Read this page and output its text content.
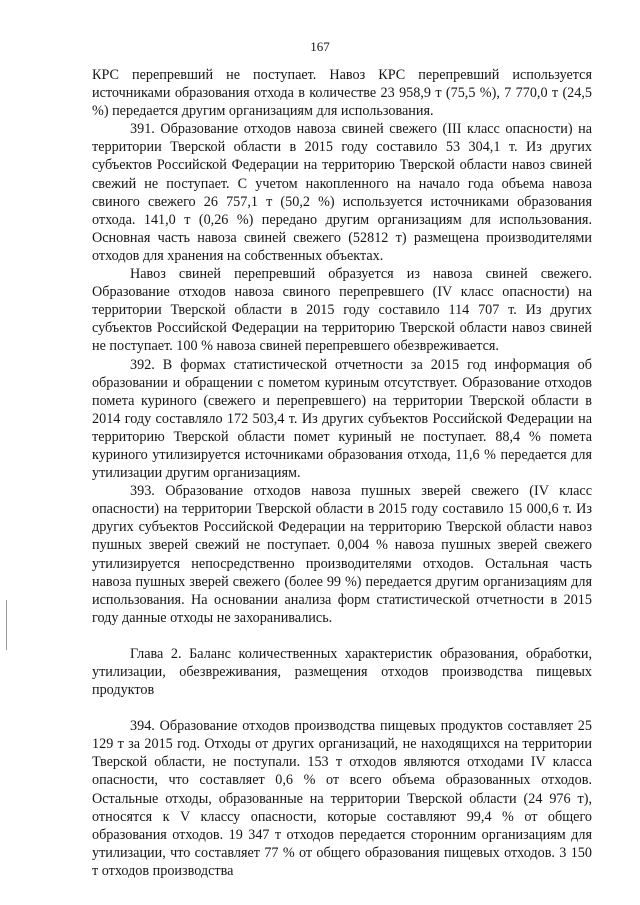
167

КРС перепревший не поступает. Навоз КРС перепревший используется источниками образования отхода в количестве 23 958,9 т (75,5 %), 7 770,0 т (24,5 %) передается другим организациям для использования.

391. Образование отходов навоза свиней свежего (III класс опасности) на территории Тверской области в 2015 году составило 53 304,1 т. Из других субъектов Российской Федерации на территорию Тверской области навоз свиней свежий не поступает. С учетом накопленного на начало года объема навоза свиного свежего 26 757,1 т (50,2 %) используется источниками образования отхода. 141,0 т (0,26 %) передано другим организациям для использования. Основная часть навоза свиней свежего (52812 т) размещена производителями отходов для хранения на собственных объектах.

Навоз свиней перепревший образуется из навоза свиней свежего. Образование отходов навоза свиного перепревшего (IV класс опасности) на территории Тверской области в 2015 году составило 114 707 т. Из других субъектов Российской Федерации на территорию Тверской области навоз свиней не поступает. 100 % навоза свиней перепревшего обезвреживается.

392. В формах статистической отчетности за 2015 год информация об образовании и обращении с пометом куриным отсутствует. Образование отходов помета куриного (свежего и перепревшего) на территории Тверской области в 2014 году составляло 172 503,4 т. Из других субъектов Российской Федерации на территорию Тверской области помет куриный не поступает. 88,4 % помета куриного утилизируется источниками образования отхода, 11,6 % передается для утилизации другим организациям.

393. Образование отходов навоза пушных зверей свежего (IV класс опасности) на территории Тверской области в 2015 году составило 15 000,6 т. Из других субъектов Российской Федерации на территорию Тверской области навоз пушных зверей свежий не поступает. 0,004 % навоза пушных зверей свежего утилизируется непосредственно производителями отходов. Остальная часть навоза пушных зверей свежего (более 99 %) передается другим организациям для использования. На основании анализа форм статистической отчетности в 2015 году данные отходы не захоранивались.

Глава 2. Баланс количественных характеристик образования, обработки, утилизации, обезвреживания, размещения отходов производства пищевых продуктов

394. Образование отходов производства пищевых продуктов составляет 25 129 т за 2015 год. Отходы от других организаций, не находящихся на территории Тверской области, не поступали. 153 т отходов являются отходами IV класса опасности, что составляет 0,6 % от всего объема образованных отходов. Остальные отходы, образованные на территории Тверской области (24 976 т), относятся к V классу опасности, которые составляют 99,4 % от общего образования отходов. 19 347 т отходов передается сторонним организациям для утилизации, что составляет 77 % от общего образования пищевых отходов. 3 150 т отходов производства
